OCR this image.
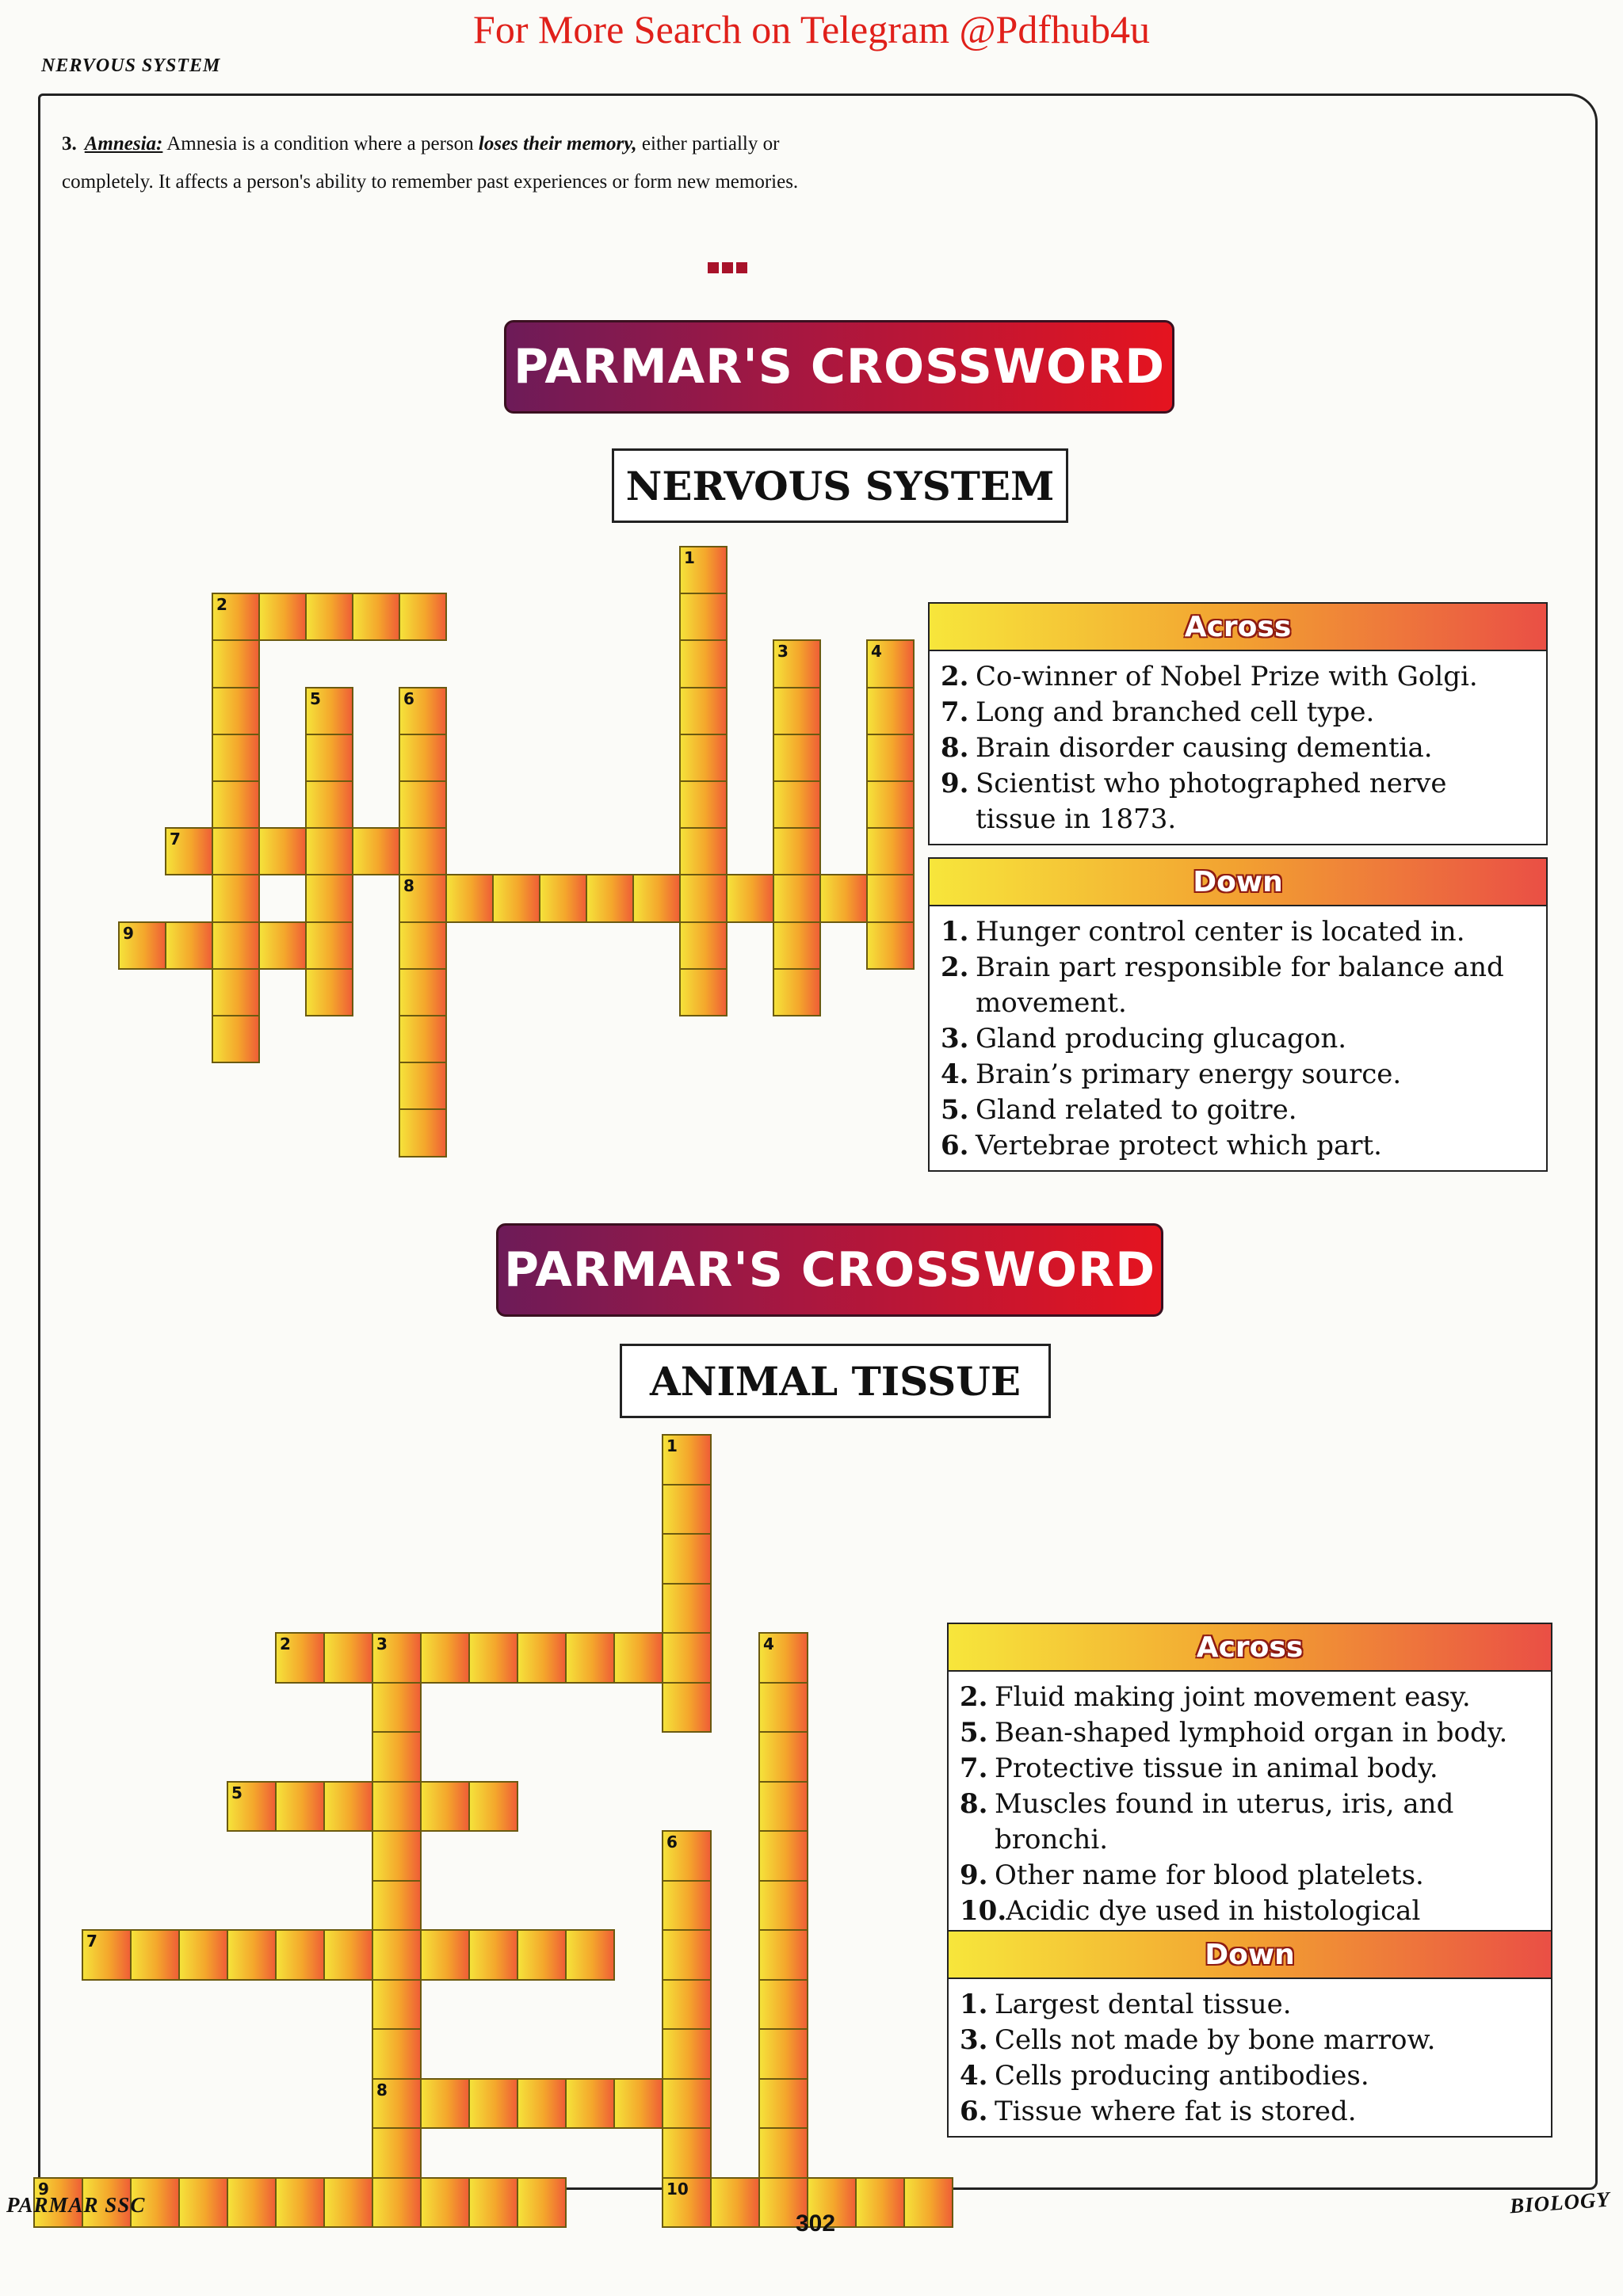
For More Search on Telegram @Pdfhub4u
NERVOUS SYSTEM
3. Amnesia: Amnesia is a condition where a person loses their memory, either partially or completely. It affects a person's ability to remember past experiences or form new memories.
PARMAR'S CROSSWORD
NERVOUS SYSTEM
1
2
3	4
5	6
8
7
9
Across
2. Co-winner of Nobel Prize with Golgi.
7. Long and branched cell type.
8. Brain disorder causing dementia.
9. Scientist who photographed nerve tissue in 1873.
Down
1. Hunger control center is located in.
2. Brain part responsible for balance and movement.
3. Gland producing glucagon.
4. Brain’s primary energy source.
5. Gland related to goitre.
6. Vertebrae protect which part.
PARMAR'S CROSSWORD
ANIMAL TISSUE
1
2	3
8
4
5
6
10
7
9
Across
2. Fluid making joint movement easy.
5. Bean-shaped lymphoid organ in body.
7. Protective tissue in animal body.
8. Muscles found in uterus, iris, and bronchi.
9. Other name for blood platelets.
10. Acidic dye used in histological
Down
1. Largest dental tissue.
3. Cells not made by bone marrow.
4. Cells producing antibodies.
6. Tissue where fat is stored.
PARMAR SSC
302
BIOLOGY
